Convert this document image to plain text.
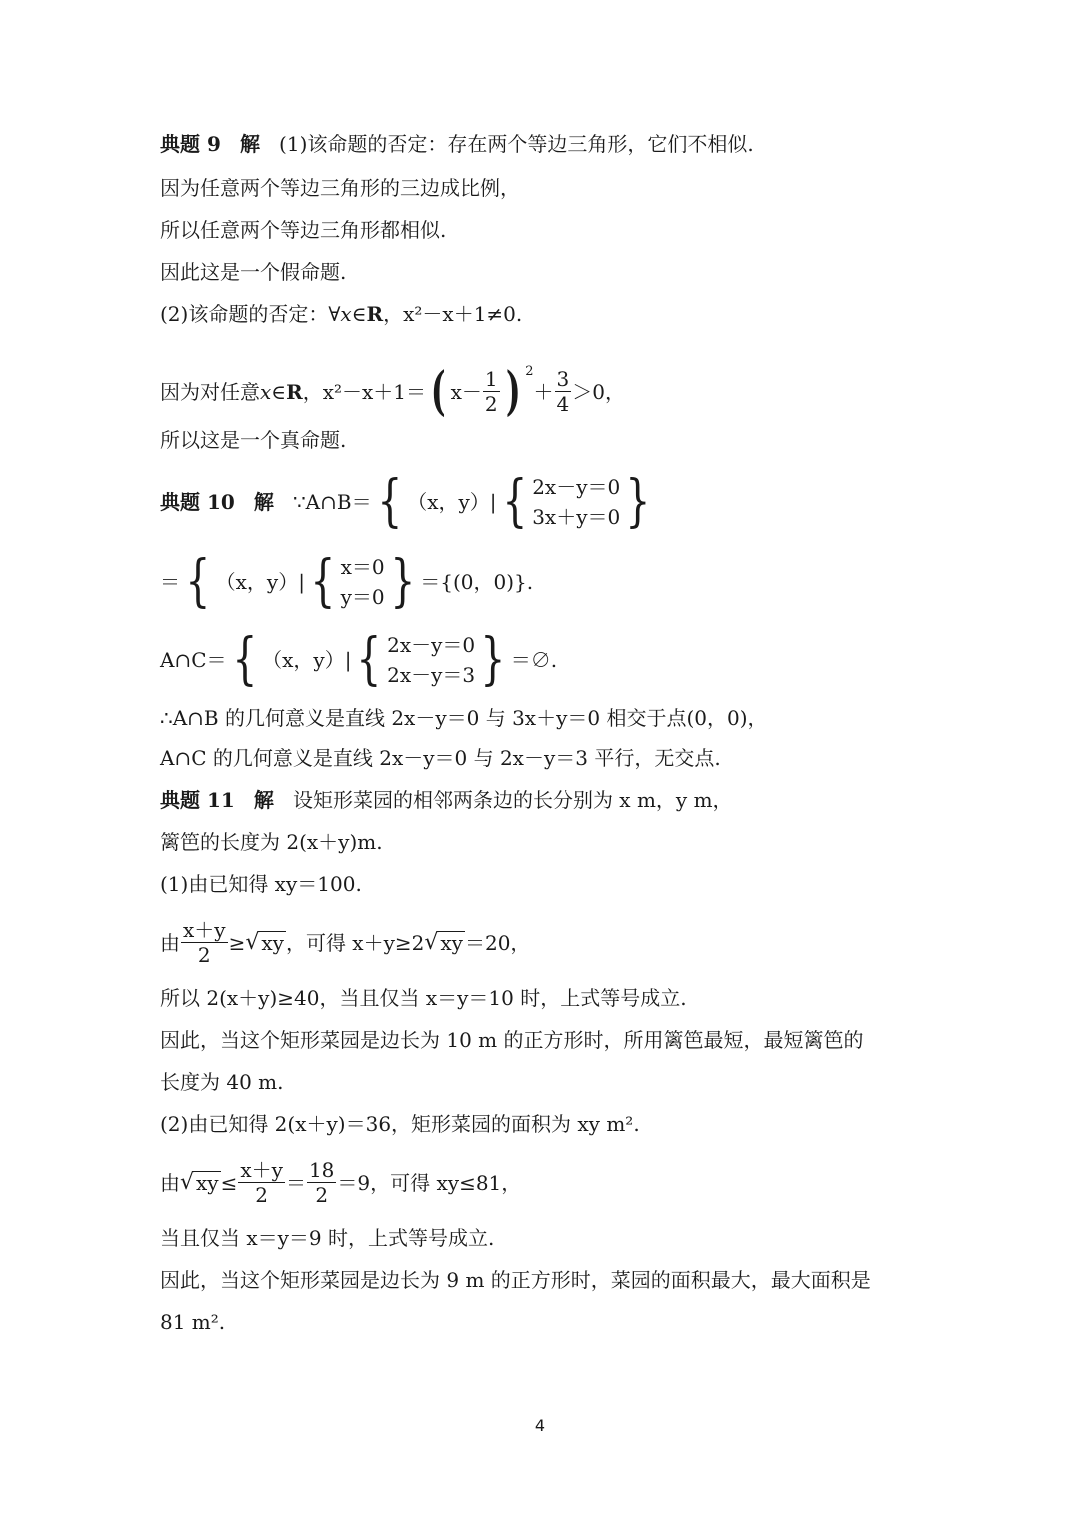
典题 9 解 (1)该命题的否定：存在两个等边三角形，它们不相似.
因为任意两个等边三角形的三边成比例，
所以任意两个等边三角形都相似.
因此这是一个假命题.
(2)该命题的否定：∀x∈R，x²－x＋1≠0.
因为对任意x∈R，x²－x＋1＝( $x- \frac{1}{2}$ ) $^2+ \frac{3}{4} >0$，
所以这是一个真命题.
典题 10 解 ∵A∩B＝{ （x，y）|{ 2x－y＝0
3x＋y＝0 }
＝{ （x，y）|{ x＝0
y＝0 } ＝{(0，0)}.
A∩C＝{ （x，y）|{ 2x－y＝0
2x－y＝3 } ＝∅.
∴A∩B 的几何意义是直线 2x－y＝0 与 3x＋y＝0 相交于点(0，0)，
A∩C 的几何意义是直线 2x－y＝0 与 2x－y＝3 平行，无交点.
典题 11 解 设矩形菜园的相邻两条边的长分别为 x m，y m，
篱笆的长度为 2(x＋y)m.
(1)由已知得 xy＝100.
由 $\frac{x+y}{2}$ ≥√ xy ，可得 x＋y≥2√ xy ＝20，
所以 2(x＋y)≥40，当且仅当 x＝y＝10 时，上式等号成立.
因此，当这个矩形菜园是边长为 10 m 的正方形时，所用篱笆最短，最短篱笆的
长度为 40 m.
(2)由已知得 2(x＋y)＝36，矩形菜园的面积为 xy m².
由√ xy ≤ $\frac{x+y}{2} = \frac{18}{2} =9$，可得 xy≤81，
当且仅当 x＝y＝9 时，上式等号成立.
因此，当这个矩形菜园是边长为 9 m 的正方形时，菜园的面积最大，最大面积是
81 m².
4
